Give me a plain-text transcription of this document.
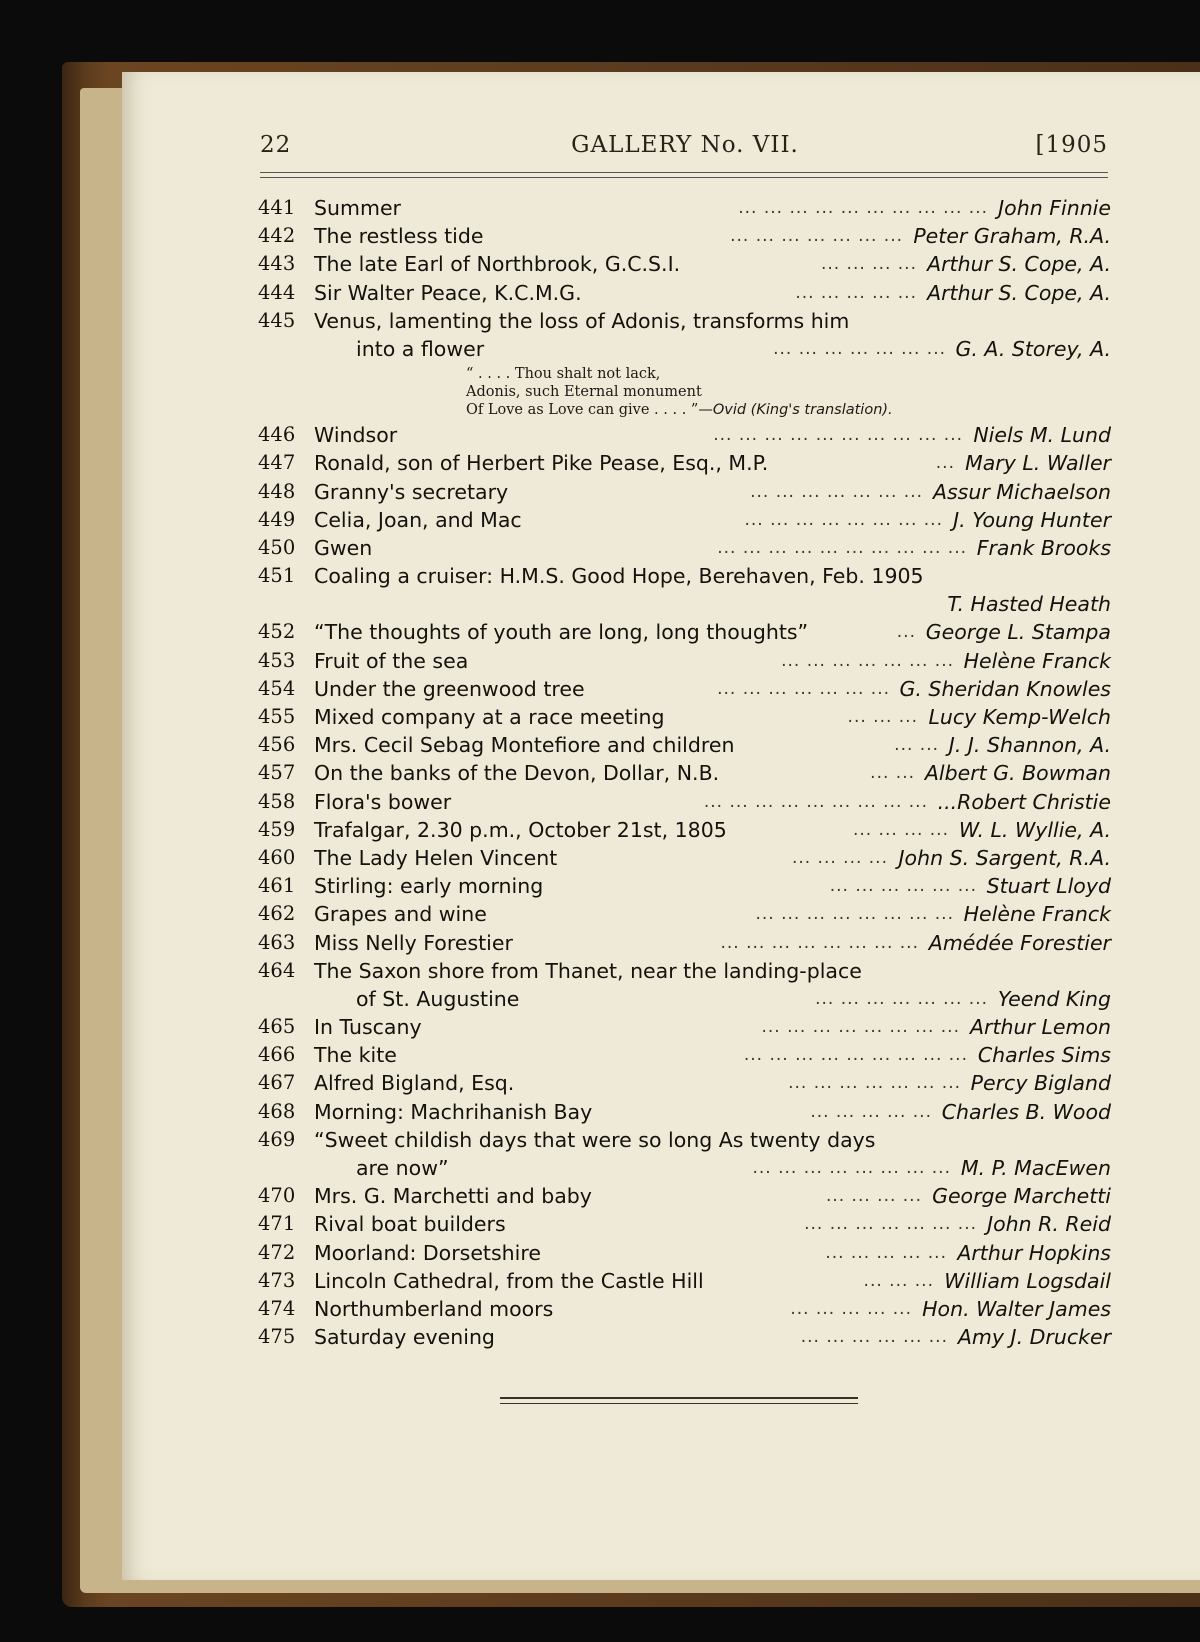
22	GALLERY No. VII.	[1905
441 Summer	... ... ... ... ... ... ... ... ... ... John Finnie
442 The restless tide	... ... ... ... ... ... ... Peter Graham, R.A.
443 The late Earl of Northbrook, G.C.S.I.	... ... ... ... Arthur S. Cope, A.
444 Sir Walter Peace, K.C.M.G.	... ... ... ... ... Arthur S. Cope, A.
445 Venus, lamenting the loss of Adonis, transforms him
into a flower	... ... ... ... ... ... ... G. A. Storey, A.
“ . . . . Thou shalt not lack,
Adonis, such Eternal monument
Of Love as Love can give . . . . ”—Ovid (King's translation).
446 Windsor	... ... ... ... ... ... ... ... ... ... Niels M. Lund
447 Ronald, son of Herbert Pike Pease, Esq., M.P.	... Mary L. Waller
448 Granny's secretary	... ... ... ... ... ... ... Assur Michaelson
449 Celia, Joan, and Mac	... ... ... ... ... ... ... ... J. Young Hunter
450 Gwen	... ... ... ... ... ... ... ... ... ... Frank Brooks
451 Coaling a cruiser: H.M.S. Good Hope, Berehaven, Feb. 1905
T. Hasted Heath
452 “The thoughts of youth are long, long thoughts”	... George L. Stampa
453 Fruit of the sea	... ... ... ... ... ... ... Helène Franck
454 Under the greenwood tree	... ... ... ... ... ... ... G. Sheridan Knowles
455 Mixed company at a race meeting	... ... ... Lucy Kemp-Welch
456 Mrs. Cecil Sebag Montefiore and children	... ... J. J. Shannon, A.
457 On the banks of the Devon, Dollar, N.B.	... ... Albert G. Bowman
458 Flora's bower	... ... ... ... ... ... ... ... ... ...Robert Christie
459 Trafalgar, 2.30 p.m., October 21st, 1805	... ... ... ... W. L. Wyllie, A.
460 The Lady Helen Vincent	... ... ... ... John S. Sargent, R.A.
461 Stirling: early morning	... ... ... ... ... ... Stuart Lloyd
462 Grapes and wine	... ... ... ... ... ... ... ... Helène Franck
463 Miss Nelly Forestier	... ... ... ... ... ... ... ... Amédée Forestier
464 The Saxon shore from Thanet, near the landing-place
of St. Augustine	... ... ... ... ... ... ... Yeend King
465 In Tuscany	... ... ... ... ... ... ... ... Arthur Lemon
466 The kite	... ... ... ... ... ... ... ... ... Charles Sims
467 Alfred Bigland, Esq.	... ... ... ... ... ... ... Percy Bigland
468 Morning: Machrihanish Bay	... ... ... ... ... Charles B. Wood
469 “Sweet childish days that were so long As twenty days
are now”	... ... ... ... ... ... ... ... M. P. MacEwen
470 Mrs. G. Marchetti and baby	... ... ... ... George Marchetti
471 Rival boat builders	... ... ... ... ... ... ... John R. Reid
472 Moorland: Dorsetshire	... ... ... ... ... Arthur Hopkins
473 Lincoln Cathedral, from the Castle Hill	... ... ... William Logsdail
474 Northumberland moors	... ... ... ... ... Hon. Walter James
475 Saturday evening	... ... ... ... ... ... Amy J. Drucker
